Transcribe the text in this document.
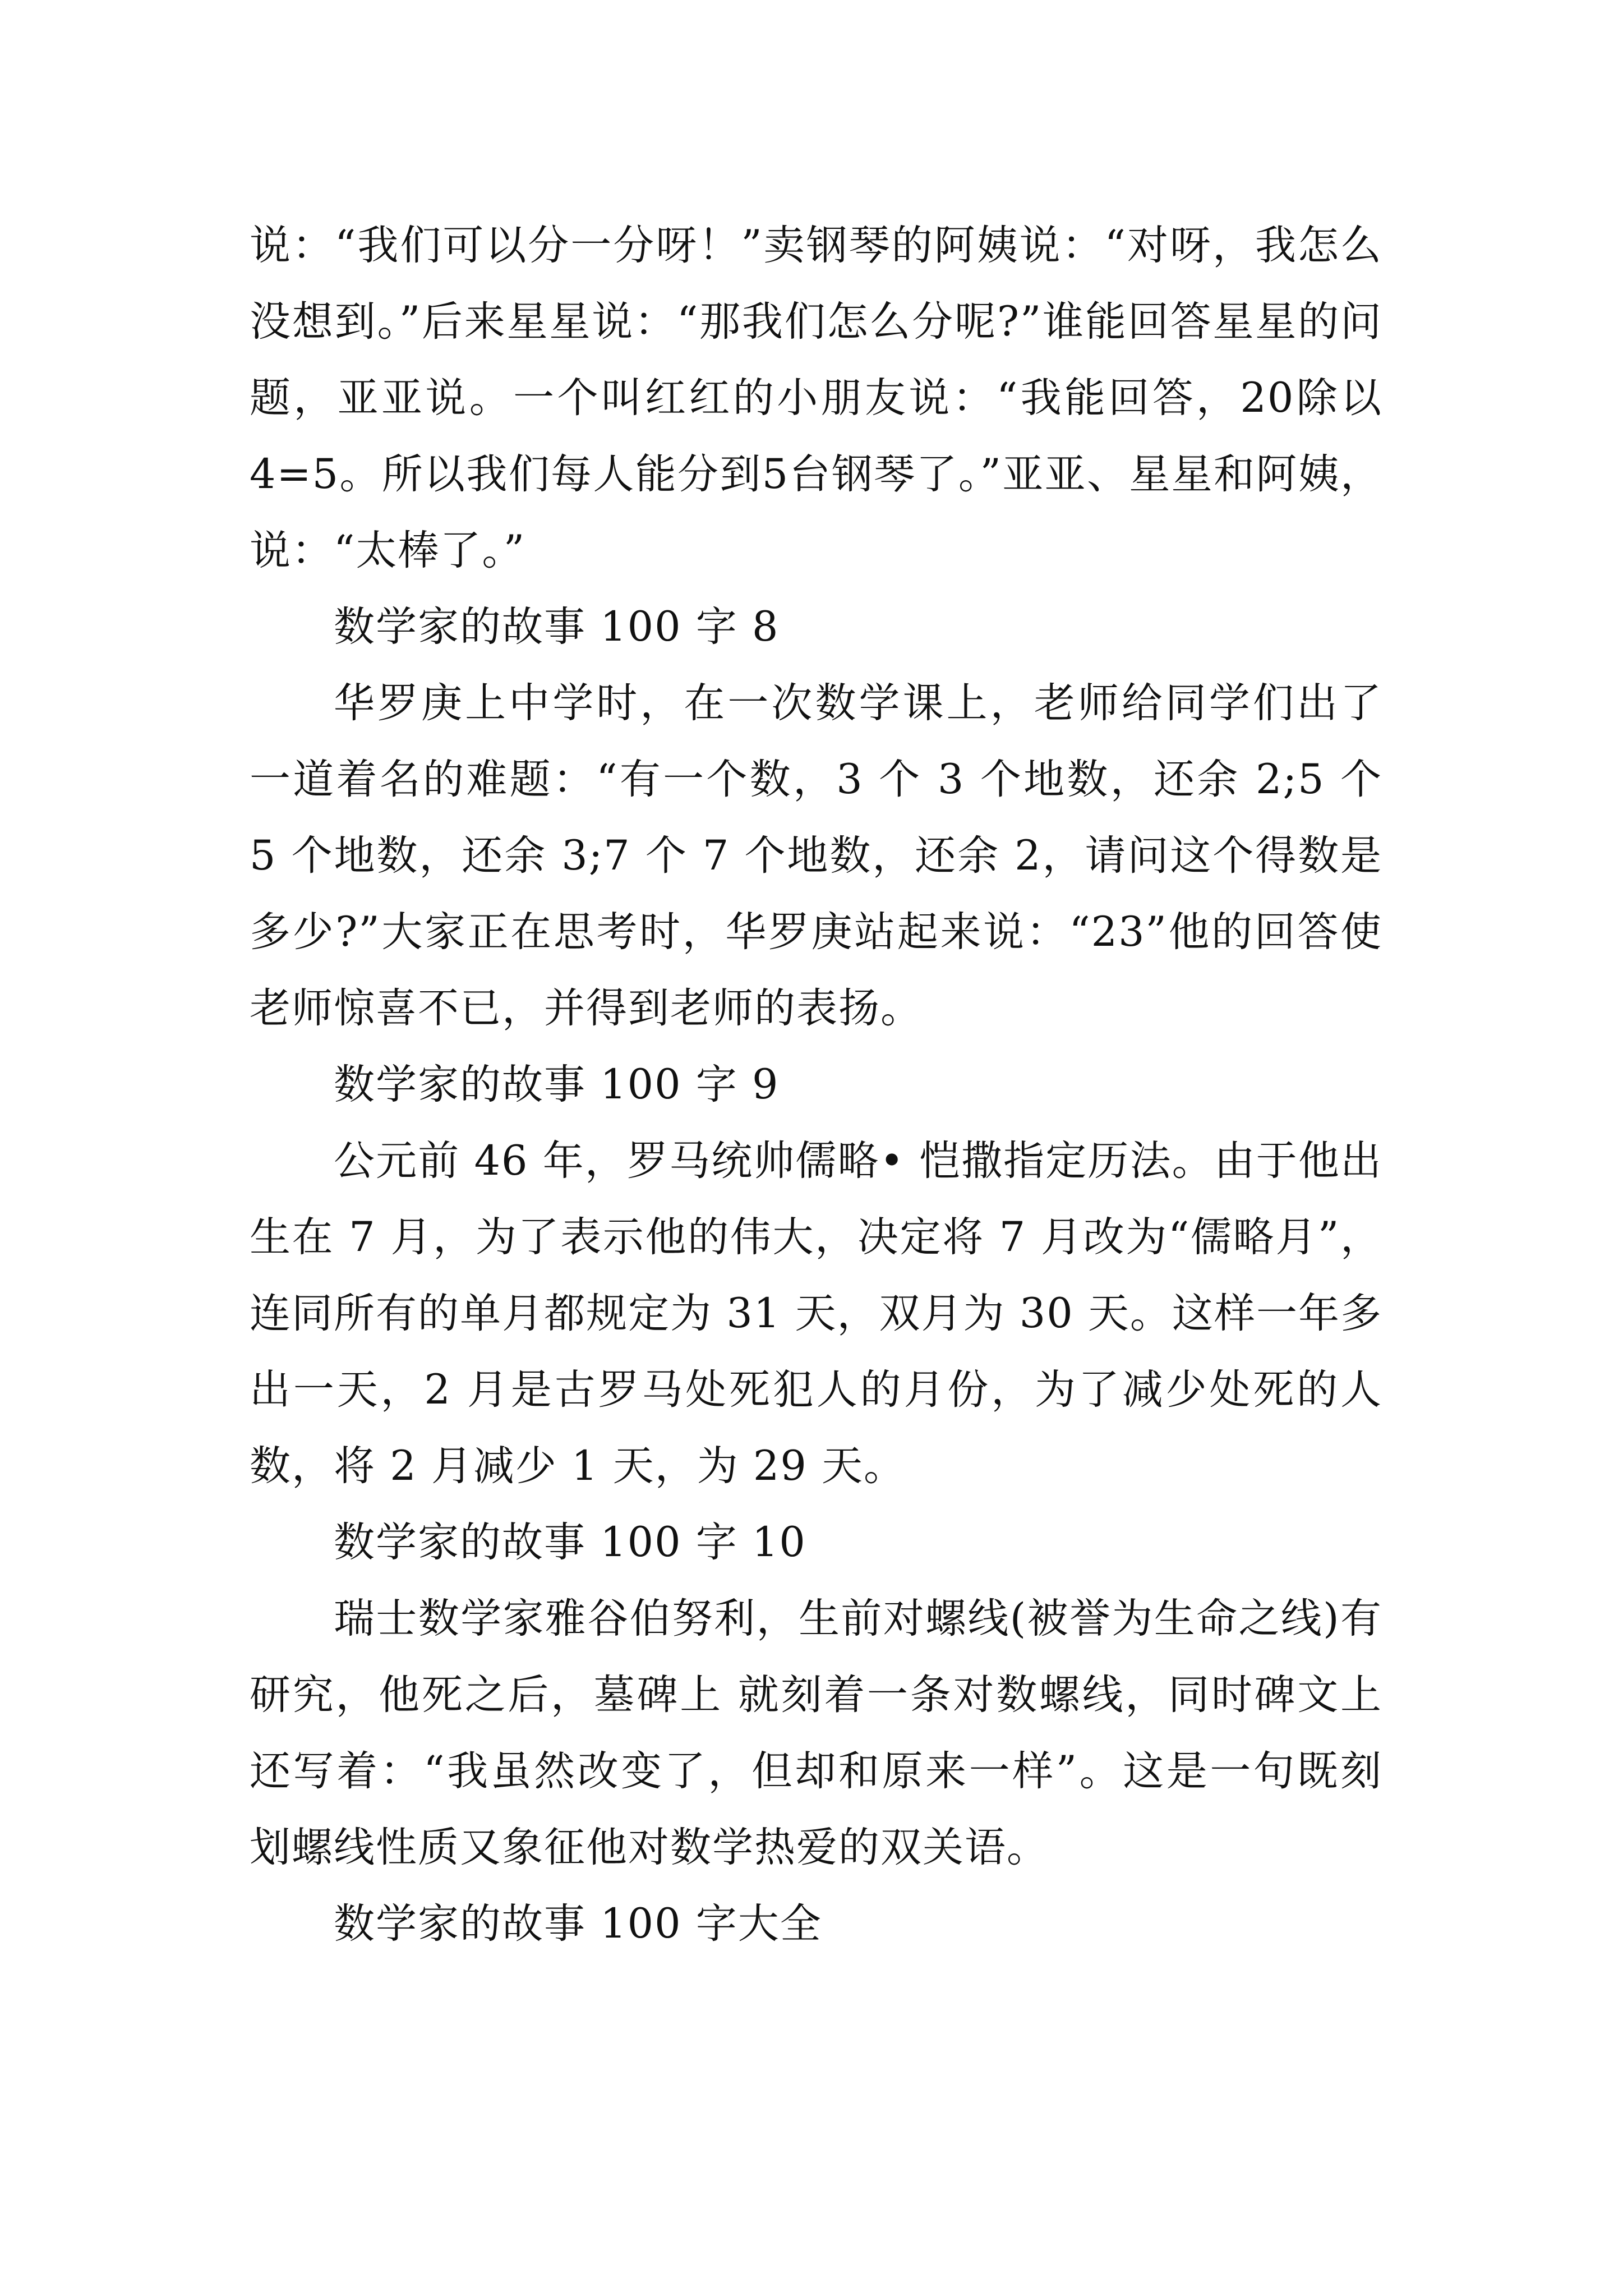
说：“我们可以分一分呀！”卖钢琴的阿姨说：“对呀，我怎么没想到。”后来星星说：“那我们怎么分呢?”谁能回答星星的问题，亚亚说。一个叫红红的小朋友说：“我能回答，20除以4=5。所以我们每人能分到5台钢琴了。”亚亚、星星和阿姨，说：“太棒了。”

数学家的故事 100 字 8

华罗庚上中学时，在一次数学课上，老师给同学们出了一道着名的难题：“有一个数，3 个 3 个地数，还余 2;5 个 5 个地数，还余 3;7 个 7 个地数，还余 2，请问这个得数是多少?”大家正在思考时，华罗庚站起来说：“23”他的回答使老师惊喜不已，并得到老师的表扬。

数学家的故事 100 字 9

公元前 46 年，罗马统帅儒略• 恺撒指定历法。由于他出生在 7 月，为了表示他的伟大，决定将 7 月改为“儒略月”，连同所有的单月都规定为 31 天，双月为 30 天。这样一年多出一天，2 月是古罗马处死犯人的月份，为了减少处死的人数，将 2 月减少 1 天，为 29 天。

数学家的故事 100 字 10

瑞士数学家雅谷伯努利，生前对螺线(被誉为生命之线)有研究，他死之后，墓碑上 就刻着一条对数螺线，同时碑文上还写着：“我虽然改变了，但却和原来一样”。这是一句既刻划螺线性质又象征他对数学热爱的双关语。

数学家的故事 100 字大全
